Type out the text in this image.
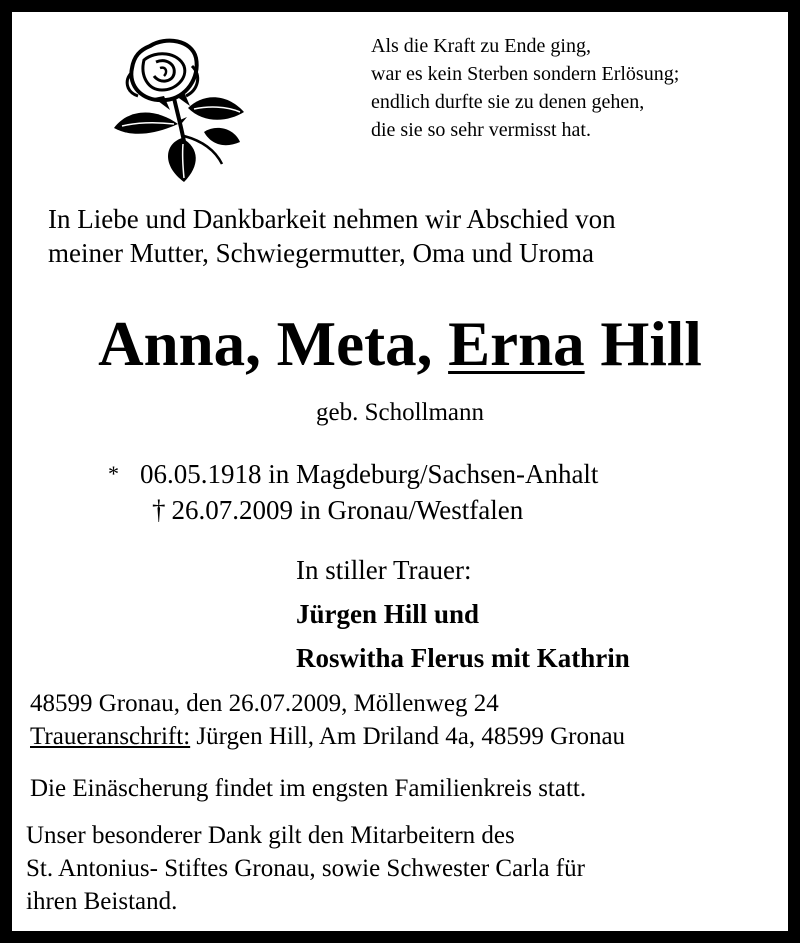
Als die Kraft zu Ende ging,
war es kein Sterben sondern Erlösung;
endlich durfte sie zu denen gehen,
die sie so sehr vermisst hat.
In Liebe und Dankbarkeit nehmen wir Abschied von
meiner Mutter, Schwiegermutter, Oma und Uroma
Anna, Meta, Erna Hill
geb. Schollmann
* 06.05.1918 in Magdeburg/Sachsen-Anhalt
† 26.07.2009 in Gronau/Westfalen
In stiller Trauer:
Jürgen Hill und
Roswitha Flerus mit Kathrin
48599 Gronau, den 26.07.2009, Möllenweg 24
Traueranschrift: Jürgen Hill, Am Driland 4a, 48599 Gronau
Die Einäscherung findet im engsten Familienkreis statt.
Unser besonderer Dank gilt den Mitarbeitern des
St. Antonius- Stiftes Gronau, sowie Schwester Carla für
ihren Beistand.
